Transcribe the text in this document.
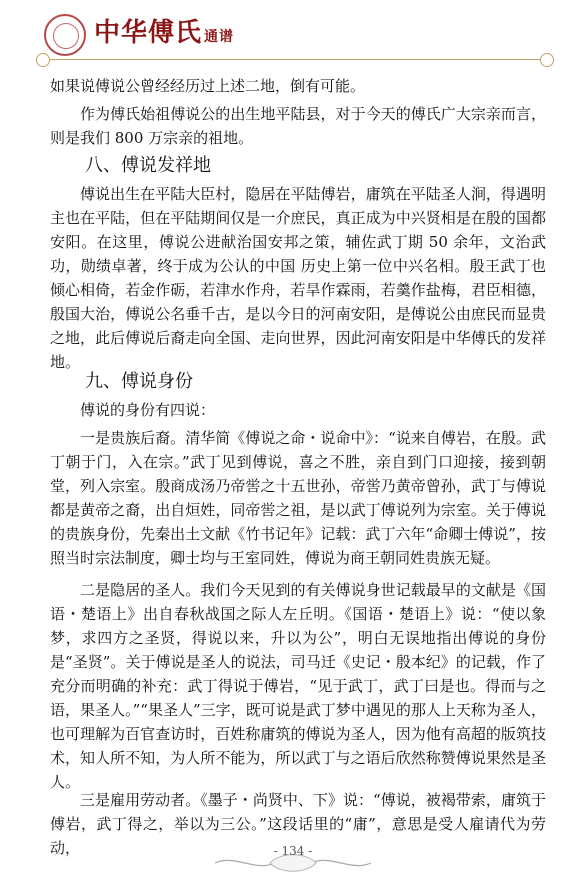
中华傅氏 通谱
如果说傅说公曾经经历过上述二地，倒有可能。
作为傅氏始祖傅说公的出生地平陆县，对于今天的傅氏广大宗亲而言，则是我们 800 万宗亲的祖地。
八、傅说发祥地
傅说出生在平陆大臣村，隐居在平陆傅岩，庸筑在平陆圣人涧，得遇明主也在平陆，但在平陆期间仅是一介庶民，真正成为中兴贤相是在殷的国都安阳。在这里，傅说公进献治国安邦之策，辅佐武丁期 50 余年，文治武功，勋绩卓著，终于成为公认的中国 历史上第一位中兴名相。殷王武丁也倾心相倚，若金作砺，若津水作舟，若旱作霖雨，若羹作盐梅，君臣相德，殷国大治，傅说公名垂千古，是以今日的河南安阳，是傅说公由庶民而显贵之地，此后傅说后裔走向全国、走向世界，因此河南安阳是中华傅氏的发祥地。
九、傅说身份
傅说的身份有四说：
一是贵族后裔。清华简《傅说之命・说命中》：“说来自傅岩，在殷。武丁朝于门，入在宗。”武丁见到傅说，喜之不胜，亲自到门口迎接，接到朝堂，列入宗室。殷商成汤乃帝喾之十五世孙，帝喾乃黄帝曾孙，武丁与傅说都是黄帝之裔，出自烜姓，同帝喾之祖，是以武丁傅说列为宗室。关于傅说的贵族身份，先秦出土文献《竹书记年》记载：武丁六年“命卿士傅说”，按照当时宗法制度，卿士均与王室同姓，傅说为商王朝同姓贵族无疑。
二是隐居的圣人。我们今天见到的有关傅说身世记载最早的文献是《国语・楚语上》出自春秋战国之际人左丘明。《国语・楚语上》说：“使以象梦，求四方之圣贤，得说以来，升以为公”，明白无误地指出傅说的身份是“圣贤”。关于傅说是圣人的说法，司马迁《史记・殷本纪》的记载，作了充分而明确的补充：武丁得说于傅岩，“见于武丁，武丁曰是也。得而与之语，果圣人。”“果圣人”三字，既可说是武丁梦中遇见的那人上天称为圣人，也可理解为百官查访时，百姓称庸筑的傅说为圣人，因为他有高超的版筑技术，知人所不知，为人所不能为，所以武丁与之语后欣然称赞傅说果然是圣人。
三是雇用劳动者。《墨子・尚贤中、下》说：“傅说，被褐带索，庸筑于傅岩，武丁得之，举以为三公。”这段话里的“庸”，意思是受人雇请代为劳动，	- 134 -
